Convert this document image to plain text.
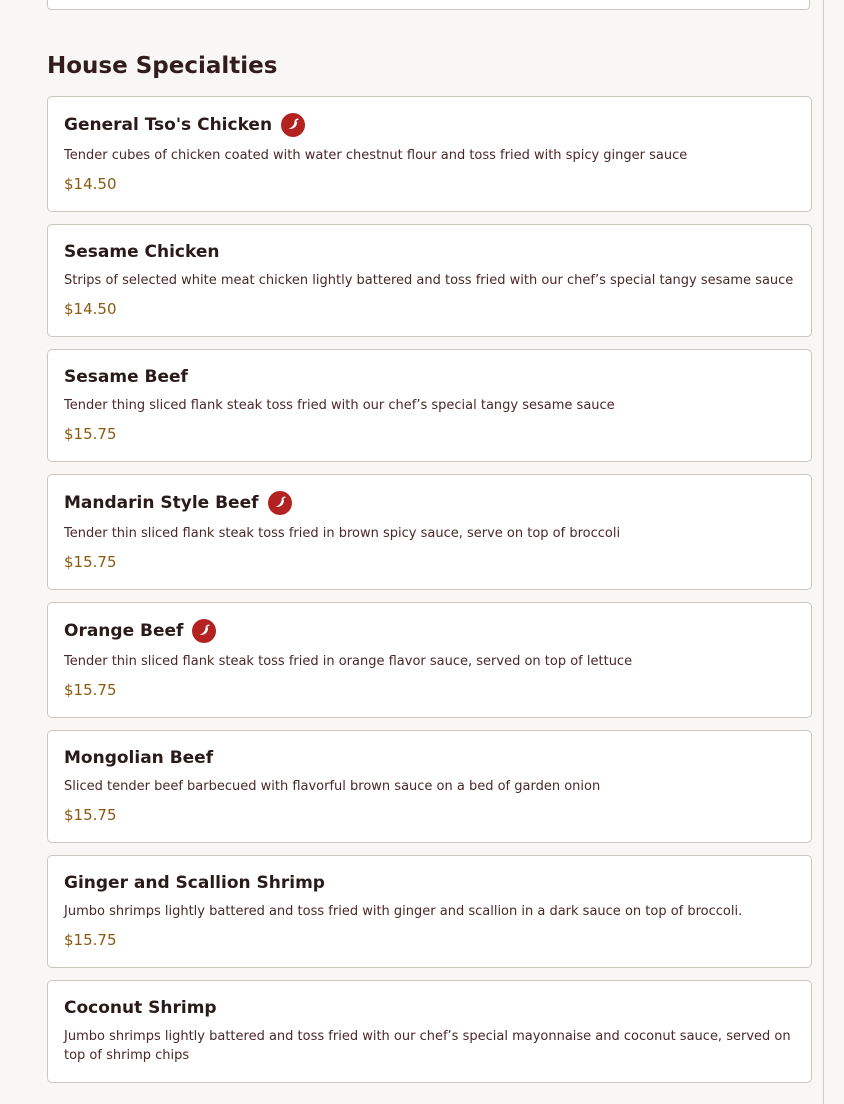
House Specialties
General Tso's Chicken
Tender cubes of chicken coated with water chestnut flour and toss fried with spicy ginger sauce
$14.50
Sesame Chicken
Strips of selected white meat chicken lightly battered and toss fried with our chef’s special tangy sesame sauce
$14.50
Sesame Beef
Tender thing sliced flank steak toss fried with our chef’s special tangy sesame sauce
$15.75
Mandarin Style Beef
Tender thin sliced flank steak toss fried in brown spicy sauce, serve on top of broccoli
$15.75
Orange Beef
Tender thin sliced flank steak toss fried in orange flavor sauce, served on top of lettuce
$15.75
Mongolian Beef
Sliced tender beef barbecued with flavorful brown sauce on a bed of garden onion
$15.75
Ginger and Scallion Shrimp
Jumbo shrimps lightly battered and toss fried with ginger and scallion in a dark sauce on top of broccoli.
$15.75
Coconut Shrimp
Jumbo shrimps lightly battered and toss fried with our chef’s special mayonnaise and coconut sauce, served on top of shrimp chips
